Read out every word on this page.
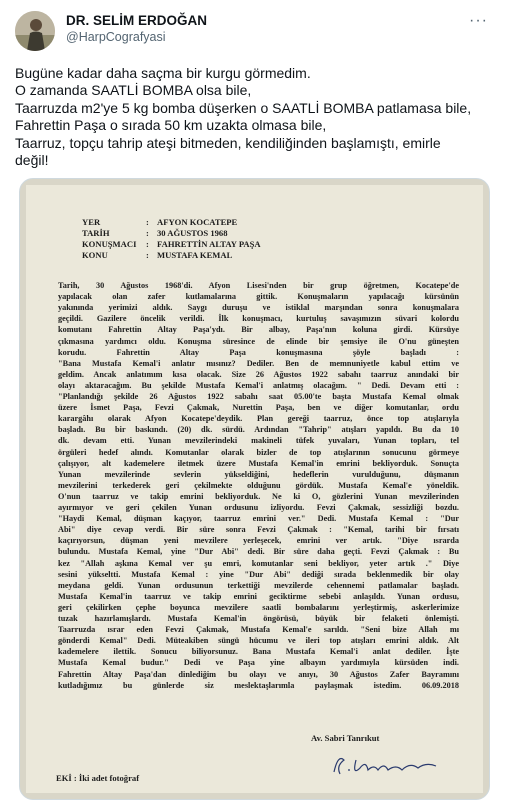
DR. SELİM ERDOĞAN
@HarpCografyasi
···
Bugüne kadar daha saçma bir kurgu görmedim.
O zamanda SAATLİ BOMBA olsa bile,
Taarruzda m2'ye 5 kg bomba düşerken o SAATLİ BOMBA patlamasa bile,
Fahrettin Paşa o sırada 50 km uzakta olmasa bile,
Taarruz, topçu tahrip ateşi bitmeden, kendiliğinden başlamıştı, emirle
değil!
YER	: AFYON KOCATEPE
TARİH	: 30 AĞUSTOS 1968
KONUŞMACI : FAHRETTİN ALTAY PAŞA
KONU	: MUSTAFA KEMAL
Tarih, 30 Ağustos 1968'di. Afyon Lisesi'nden bir grup öğretmen, Kocatepe'de
yapılacak olan zafer kutlamalarına gittik. Konuşmaların yapılacağı kürsünün
yakınında yerimizi aldık. Saygı duruşu ve istiklal marşından sonra konuşmalara
geçildi. Gazilere öncelik verildi. İlk konuşmacı, kurtuluş savaşımızın süvari kolordu
komutanı Fahrettin Altay Paşa'ydı. Bir albay, Paşa'nın koluna girdi. Kürsüye
çıkmasına yardımcı oldu. Konuşma süresince de elinde bir şemsiye ile O'nu güneşten
korudu. Fahrettin Altay Paşa konuşmasına şöyle başladı :
"Bana Mustafa Kemal'i anlatır mısınız? Dediler. Ben de memnuniyetle kabul ettim ve
geldim. Ancak anlatımım kısa olacak. Size 26 Ağustos 1922 sabahı taarruz anındaki bir
olayı aktaracağım. Bu şekilde Mustafa Kemal'i anlatmış olacağım. " Dedi. Devam etti :
"Planlandığı şekilde 26 Ağustos 1922 sabahı saat 05.00'te başta Mustafa Kemal olmak
üzere İsmet Paşa, Fevzi Çakmak, Nurettin Paşa, ben ve diğer komutanlar, ordu
karargâhı olarak Afyon Kocatepe'deydik. Plan gereği taarruz, önce top atışlarıyla
başladı. Bu bir baskındı. (20) dk. sürdü. Ardından "Tahrip" atışları yapıldı. Bu da 10
dk. devam etti. Yunan mevzilerindeki makineli tüfek yuvaları, Yunan topları, tel
örgüleri hedef alındı. Komutanlar olarak bizler de top atışlarının sonucunu görmeye
çalışıyor, alt kademelere iletmek üzere Mustafa Kemal'in emrini bekliyorduk. Sonuçta
Yunan mevzilerinde sevlerin yükseldiğini, hedeflerin vurulduğunu, düşmanın
mevzilerini terkederek geri çekilmekte olduğunu gördük. Mustafa Kemal'e yöneldik.
O'nun taarruz ve takip emrini bekliyorduk. Ne ki O, gözlerini Yunan mevzilerinden
ayırmıyor ve geri çekilen Yunan ordusunu izliyordu. Fevzi Çakmak, sessizliği bozdu.
"Haydi Kemal, düşman kaçıyor, taarruz emrini ver." Dedi. Mustafa Kemal : "Dur
Abi" diye cevap verdi. Bir süre sonra Fevzi Çakmak : "Kemal, tarihi bir fırsatı
kaçırıyorsun, düşman yeni mevzilere yerleşecek, emrini ver artık. "Diye ısrarda
bulundu. Mustafa Kemal, yine "Dur Abi" dedi. Bir süre daha geçti. Fevzi Çakmak : Bu
kez "Allah aşkına Kemal ver şu emri, komutanlar seni bekliyor, yeter artık ." Diye
sesini yükseltti. Mustafa Kemal : yine "Dur Abi" dediği sırada beklenmedik bir olay
meydana geldi. Yunan ordusunun terkettiği mevzilerde cehennemi patlamalar başladı.
Mustafa Kemal'in taarruz ve takip emrini geciktirme sebebi anlaşıldı. Yunan ordusu,
geri çekilirken çephe boyunca mevzilere saatli bombalarını yerleştirmiş, askerlerimize
tuzak hazırlamışlardı. Mustafa Kemal'in öngörüsü, büyük bir felaketi önlemişti.
Taarruzda ısrar eden Fevzi Çakmak, Mustafa Kemal'e sarıldı. "Seni bize Allah mı
gönderdi Kemal" Dedi. Müteakiben süngü hücumu ve ileri top atışları emrini aldık. Alt
kademelere ilettik. Sonucu biliyorsunuz. Bana Mustafa Kemal'i anlat dediler. İşte
Mustafa Kemal budur." Dedi ve Paşa yine albayın yardımıyla kürsüden indi.
Fahrettin Altay Paşa'dan dinlediğim bu olayı ve anıyı, 30 Ağustos Zafer Bayramını
kutladığımız bu günlerde siz meslektaşlarımla paylaşmak istedim. 06.09.2018
Av. Sabri Tanrıkut
EKİ : İki adet fotoğraf
